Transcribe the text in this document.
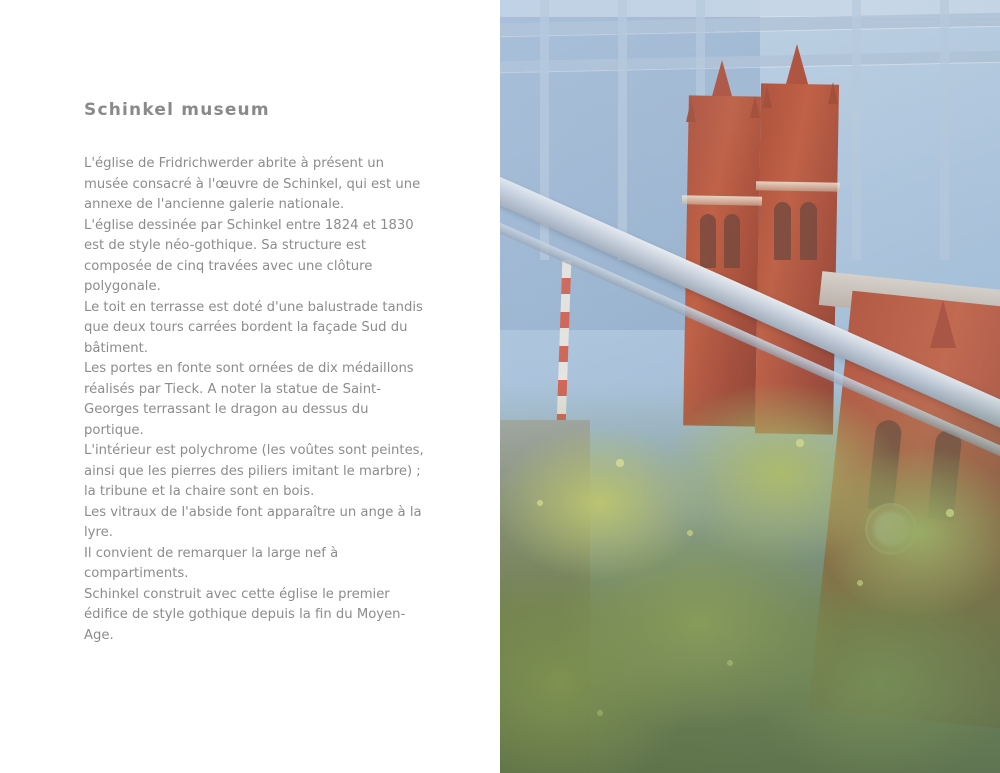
Schinkel museum

L'église de Fridrichwerder abrite à présent un musée consacré à l'œuvre de Schinkel, qui est une annexe de l'ancienne galerie nationale.

L'église dessinée par Schinkel entre 1824 et 1830 est de style néo-gothique. Sa structure est composée de cinq travées avec une clôture polygonale.

Le toit en terrasse est doté d'une balustrade tandis que deux tours carrées bordent la façade Sud du bâtiment.

Les portes en fonte sont ornées de dix médaillons réalisés par Tieck. A noter la statue de Saint-Georges terrassant le dragon au dessus du portique.

L'intérieur est polychrome (les voûtes sont peintes, ainsi que les pierres des piliers imitant le marbre) ; la tribune et la chaire sont en bois.

Les vitraux de l'abside font apparaître un ange à la lyre.

Il convient de remarquer la large nef à compartiments.

Schinkel construit avec cette église le premier édifice de style gothique depuis la fin du Moyen-Age.
